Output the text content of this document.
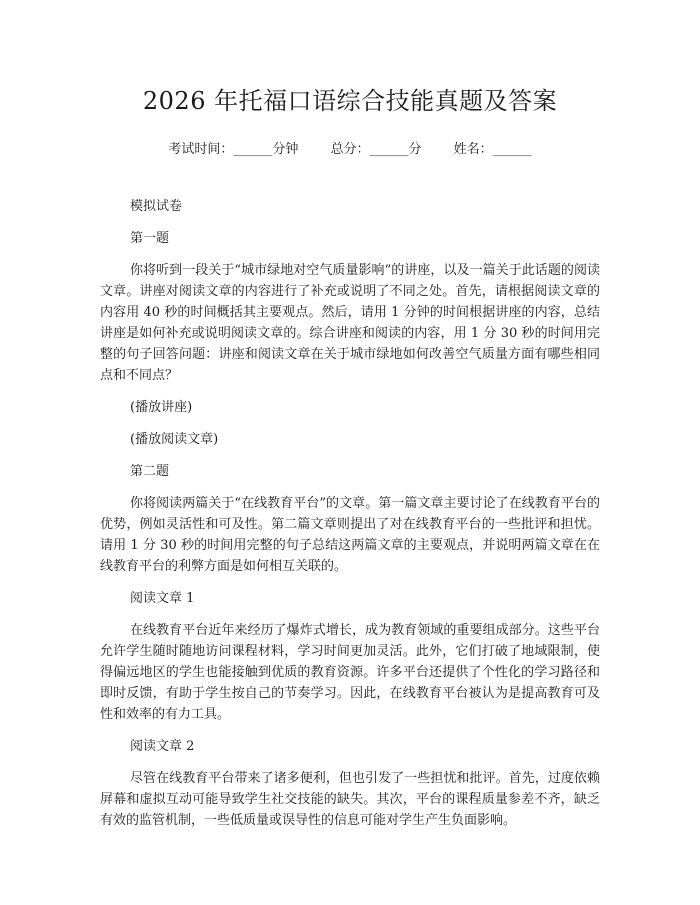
2026 年托福口语综合技能真题及答案
考试时间：______分钟 总分：______分 姓名：______

模拟试卷

第一题

你将听到一段关于“城市绿地对空气质量影响”的讲座，以及一篇关于此话题的阅读文章。讲座对阅读文章的内容进行了补充或说明了不同之处。首先，请根据阅读文章的内容用 40 秒的时间概括其主要观点。然后，请用 1 分钟的时间根据讲座的内容，总结讲座是如何补充或说明阅读文章的。综合讲座和阅读的内容，用 1 分 30 秒的时间用完整的句子回答问题：讲座和阅读文章在关于城市绿地如何改善空气质量方面有哪些相同点和不同点？

(播放讲座)

(播放阅读文章)

第二题

你将阅读两篇关于“在线教育平台”的文章。第一篇文章主要讨论了在线教育平台的优势，例如灵活性和可及性。第二篇文章则提出了对在线教育平台的一些批评和担忧。请用 1 分 30 秒的时间用完整的句子总结这两篇文章的主要观点，并说明两篇文章在在线教育平台的利弊方面是如何相互关联的。

阅读文章 1

在线教育平台近年来经历了爆炸式增长，成为教育领域的重要组成部分。这些平台允许学生随时随地访问课程材料，学习时间更加灵活。此外，它们打破了地域限制，使得偏远地区的学生也能接触到优质的教育资源。许多平台还提供了个性化的学习路径和即时反馈，有助于学生按自己的节奏学习。因此，在线教育平台被认为是提高教育可及性和效率的有力工具。

阅读文章 2

尽管在线教育平台带来了诸多便利，但也引发了一些担忧和批评。首先，过度依赖屏幕和虚拟互动可能导致学生社交技能的缺失。其次，平台的课程质量参差不齐，缺乏有效的监管机制，一些低质量或误导性的信息可能对学生产生负面影响。
